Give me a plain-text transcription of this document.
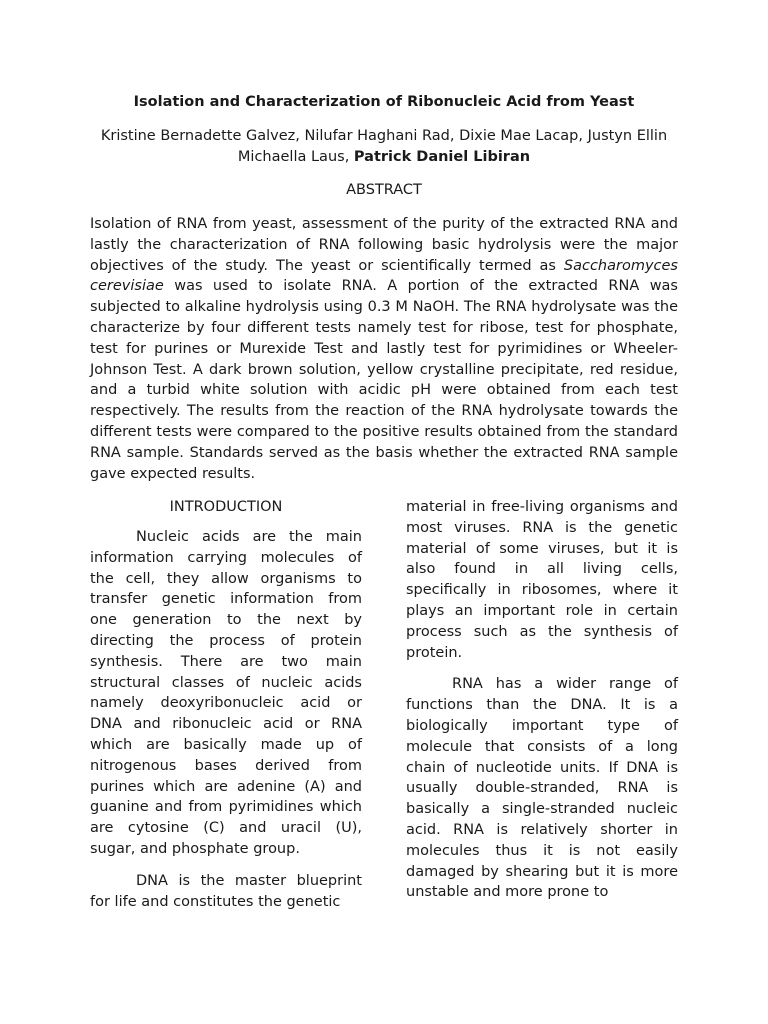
Isolation and Characterization of Ribonucleic Acid from Yeast
Kristine Bernadette Galvez, Nilufar Haghani Rad, Dixie Mae Lacap, Justyn Ellin Michaella Laus, Patrick Daniel Libiran
ABSTRACT
Isolation of RNA from yeast, assessment of the purity of the extracted RNA and lastly the characterization of RNA following basic hydrolysis were the major objectives of the study. The yeast or scientifically termed as Saccharomyces cerevisiae was used to isolate RNA. A portion of the extracted RNA was subjected to alkaline hydrolysis using 0.3 M NaOH. The RNA hydrolysate was the characterize by four different tests namely test for ribose, test for phosphate, test for purines or Murexide Test and lastly test for pyrimidines or Wheeler-Johnson Test. A dark brown solution, yellow crystalline precipitate, red residue, and a turbid white solution with acidic pH were obtained from each test respectively. The results from the reaction of the RNA hydrolysate towards the different tests were compared to the positive results obtained from the standard RNA sample. Standards served as the basis whether the extracted RNA sample gave expected results.
INTRODUCTION

Nucleic acids are the main information carrying molecules of the cell, they allow organisms to transfer genetic information from one generation to the next by directing the process of protein synthesis. There are two main structural classes of nucleic acids namely deoxyribonucleic acid or DNA and ribonucleic acid or RNA which are basically made up of nitrogenous bases derived from purines which are adenine (A) and guanine and from pyrimidines which are cytosine (C) and uracil (U), sugar, and phosphate group.

DNA is the master blueprint for life and constitutes the genetic

material in free-living organisms and most viruses. RNA is the genetic material of some viruses, but it is also found in all living cells, specifically in ribosomes, where it plays an important role in certain process such as the synthesis of protein.

RNA has a wider range of functions than the DNA. It is a biologically important type of molecule that consists of a long chain of nucleotide units. If DNA is usually double-stranded, RNA is basically a single-stranded nucleic acid. RNA is relatively shorter in molecules thus it is not easily damaged by shearing but it is more unstable and more prone to
